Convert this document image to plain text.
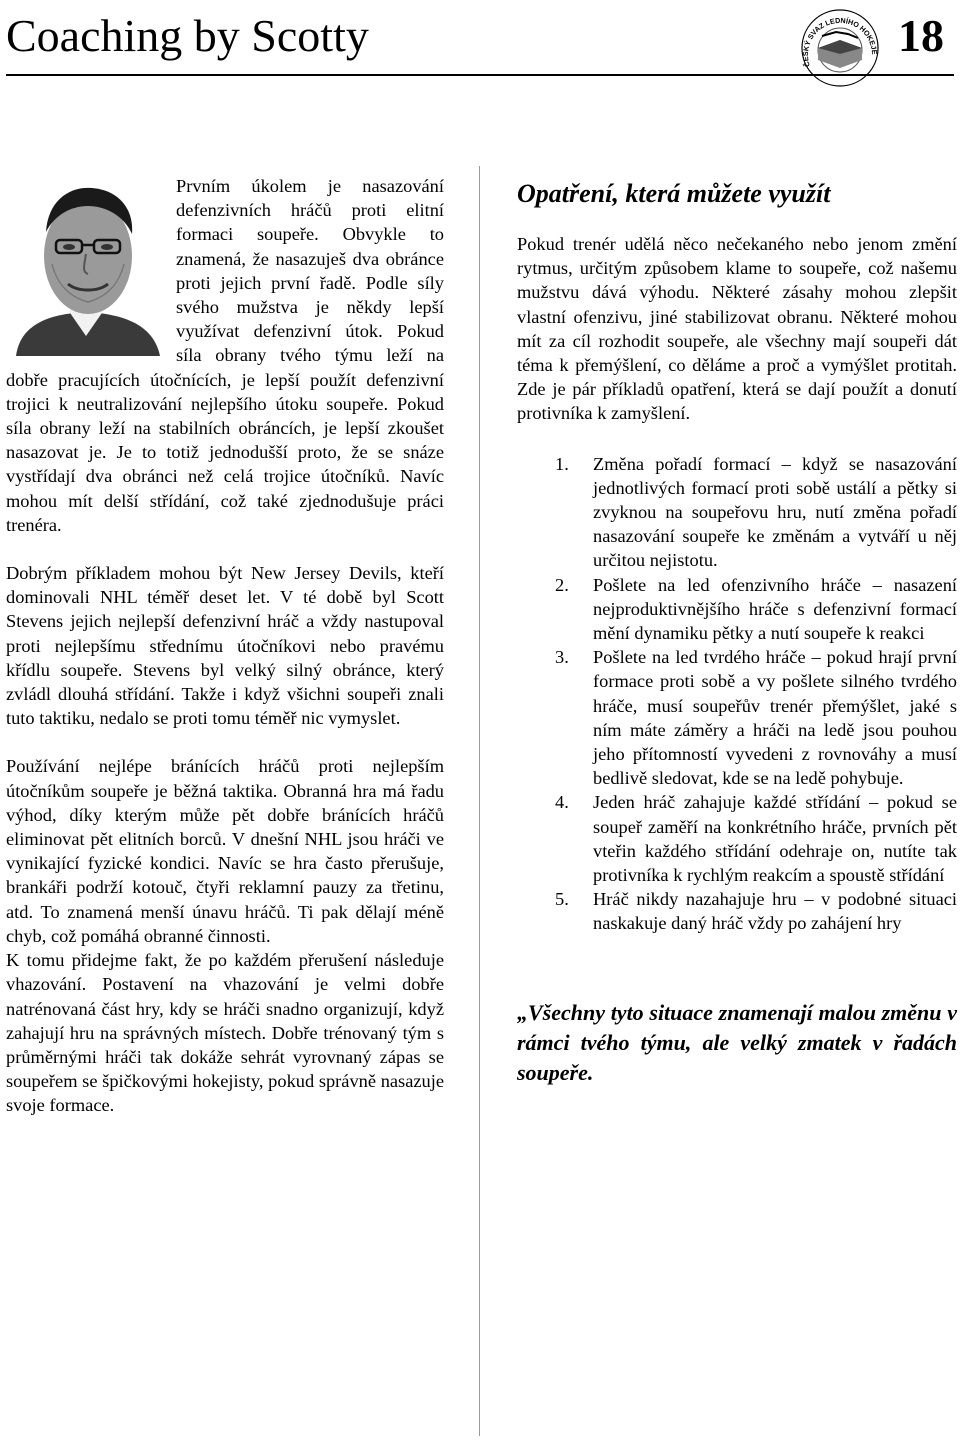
Coaching by Scotty
ČESKÝ SVAZ LEDNÍHO HOKEJE 18

Prvním úkolem je nasazování defenzivních hráčů proti elitní formaci soupeře. Obvykle to znamená, že nasazuješ dva obránce proti jejich první řadě. Podle síly svého mužstva je někdy lepší využívat defenzivní útok. Pokud síla obrany tvého týmu leží na dobře pracujících útočnících, je lepší použít defenzivní trojici k neutralizování nejlepšího útoku soupeře. Pokud síla obrany leží na stabilních obráncích, je lepší zkoušet nasazovat je. Je to totiž jednodušší proto, že se snáze vystřídají dva obránci než celá trojice útočníků. Navíc mohou mít delší střídání, což také zjednodušuje práci trenéra.

Dobrým příkladem mohou být New Jersey Devils, kteří dominovali NHL téměř deset let. V té době byl Scott Stevens jejich nejlepší defenzivní hráč a vždy nastupoval proti nejlepšímu střednímu útočníkovi nebo pravému křídlu soupeře. Stevens byl velký silný obránce, který zvládl dlouhá střídání. Takže i když všichni soupeři znali tuto taktiku, nedalo se proti tomu téměř nic vymyslet.

Používání nejlépe bránících hráčů proti nejlepším útočníkům soupeře je běžná taktika. Obranná hra má řadu výhod, díky kterým může pět dobře bránících hráčů eliminovat pět elitních borců. V dnešní NHL jsou hráči ve vynikající fyzické kondici. Navíc se hra často přerušuje, brankáři podrží kotouč, čtyři reklamní pauzy za třetinu, atd. To znamená menší únavu hráčů. Ti pak dělají méně chyb, což pomáhá obranné činnosti.

K tomu přidejme fakt, že po každém přerušení následuje vhazování. Postavení na vhazování je velmi dobře natrénovaná část hry, kdy se hráči snadno organizují, když zahajují hru na správných místech. Dobře trénovaný tým s průměrnými hráči tak dokáže sehrát vyrovnaný zápas se soupeřem se špičkovými hokejisty, pokud správně nasazuje svoje formace.

Opatření, která můžete využít

Pokud trenér udělá něco nečekaného nebo jenom změní rytmus, určitým způsobem klame to soupeře, což našemu mužstvu dává výhodu. Některé zásahy mohou zlepšit vlastní ofenzivu, jiné stabilizovat obranu. Některé mohou mít za cíl rozhodit soupeře, ale všechny mají soupeři dát téma k přemýšlení, co děláme a proč a vymýšlet protitah. Zde je pár příkladů opatření, která se dají použít a donutí protivníka k zamyšlení.

1. Změna pořadí formací – když se nasazování jednotlivých formací proti sobě ustálí a pětky si zvyknou na soupeřovu hru, nutí změna pořadí nasazování soupeře ke změnám a vytváří u něj určitou nejistotu.
2. Pošlete na led ofenzivního hráče – nasazení nejproduktivnějšího hráče s defenzivní formací mění dynamiku pětky a nutí soupeře k reakci
3. Pošlete na led tvrdého hráče – pokud hrají první formace proti sobě a vy pošlete silného tvrdého hráče, musí soupeřův trenér přemýšlet, jaké s ním máte záměry a hráči na ledě jsou pouhou jeho přítomností vyvedeni z rovnováhy a musí bedlivě sledovat, kde se na ledě pohybuje.
4. Jeden hráč zahajuje každé střídání – pokud se soupeř zaměří na konkrétního hráče, prvních pět vteřin každého střídání odehraje on, nutíte tak protivníka k rychlým reakcím a spoustě střídání
5. Hráč nikdy nazahajuje hru – v podobné situaci naskakuje daný hráč vždy po zahájení hry

„Všechny tyto situace znamenají malou změnu v rámci tvého týmu, ale velký zmatek v řadách soupeře.
